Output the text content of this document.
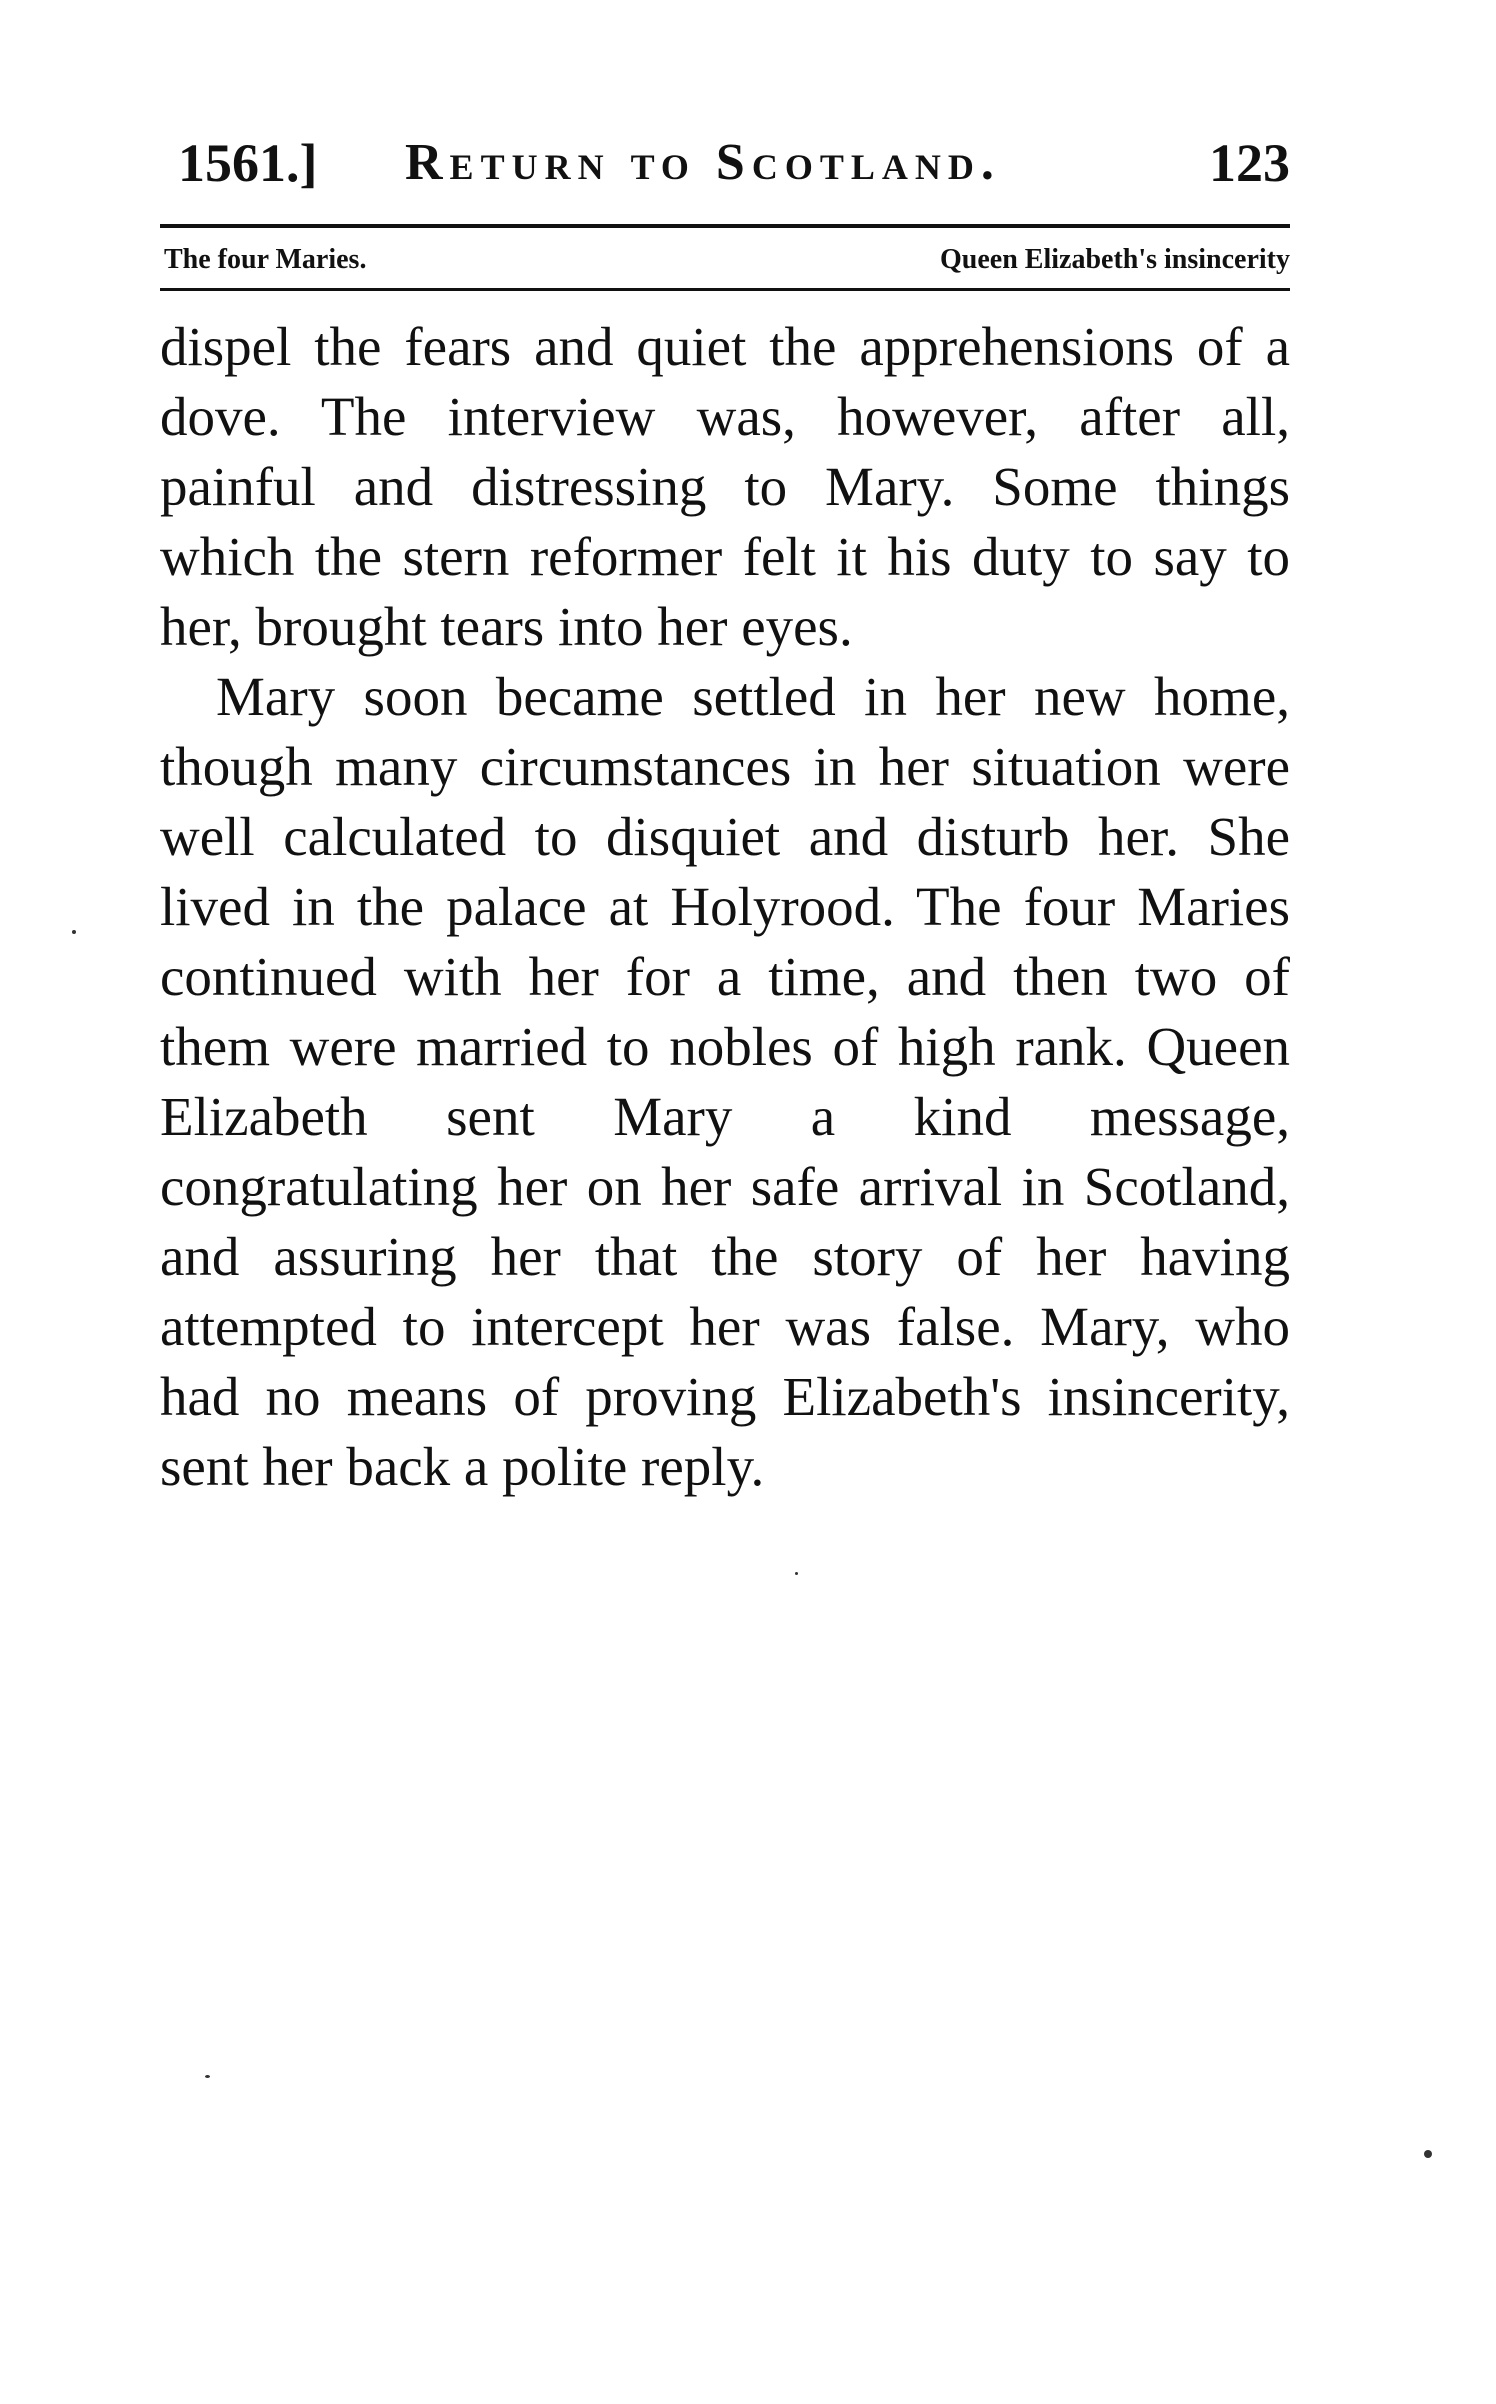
1561.] Return to Scotland.	123
The four Maries.	Queen Elizabeth's insincerity

dispel the fears and quiet the apprehensions of a dove. The interview was, however, after all, painful and distressing to Mary. Some things which the stern reformer felt it his duty to say to her, brought tears into her eyes.

Mary soon became settled in her new home, though many circumstances in her situation were well calculated to disquiet and disturb her. She lived in the palace at Holyrood. The four Maries continued with her for a time, and then two of them were married to nobles of high rank. Queen Elizabeth sent Mary a kind message, congratulating her on her safe arrival in Scotland, and assuring her that the story of her having attempted to intercept her was false. Mary, who had no means of proving Elizabeth's insincerity, sent her back a polite reply.
